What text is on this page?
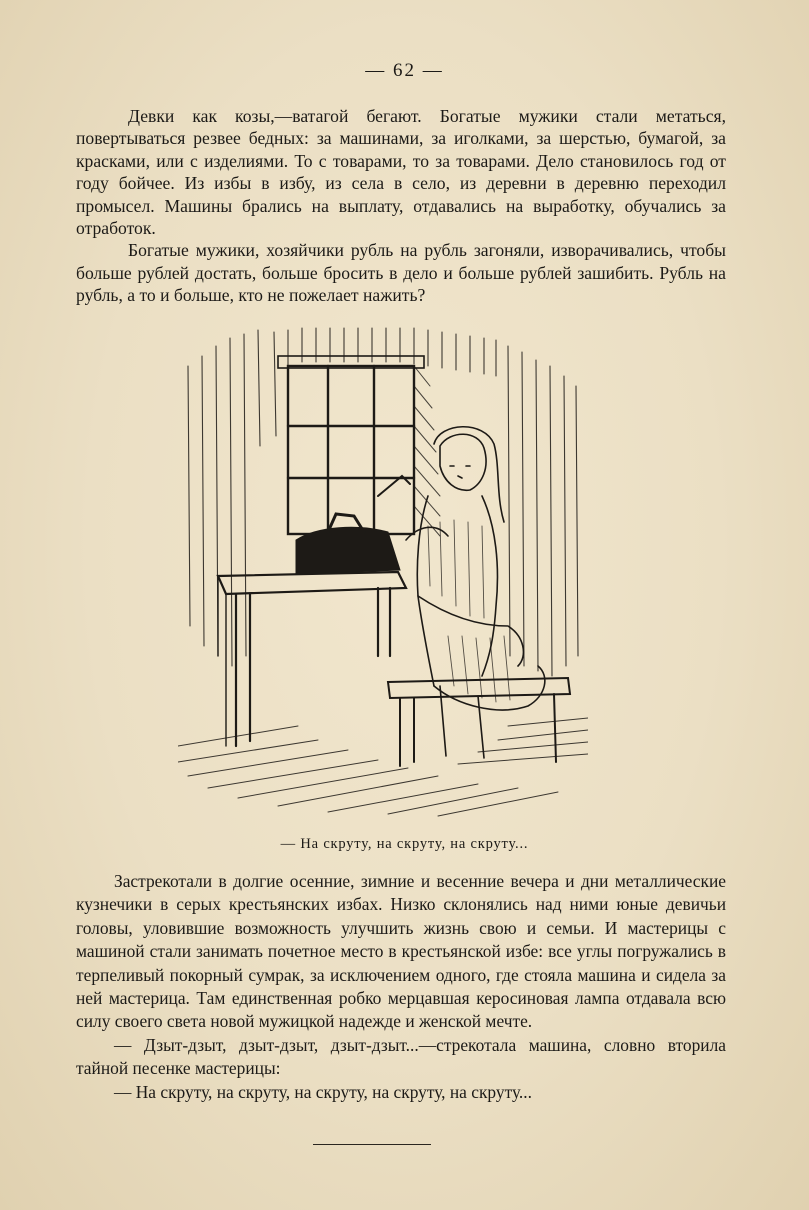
— 62 —

Девки как козы,—ватагой бегают. Богатые мужики стали метаться, повертываться резвее бедных: за машинами, за иголками, за шерстью, бумагой, за красками, или с изделиями. То с товарами, то за товарами. Дело становилось год от году бойчее. Из избы в избу, из села в село, из деревни в деревню переходил промысел. Машины брались на выплату, отдавались на выработку, обучались за отработок.

Богатые мужики, хозяйчики рубль на рубль загоняли, изворачивались, чтобы больше рублей достать, больше бросить в дело и больше рублей зашибить. Рубль на рубль, а то и больше, кто не пожелает нажить?

— На скруту, на скруту, на скруту...

Застрекотали в долгие осенние, зимние и весенние вечера и дни металлические кузнечики в серых крестьянских избах. Низко склонялись над ними юные девичьи головы, уловившие возможность улучшить жизнь свою и семьи. И мастерицы с машиной стали занимать почетное место в крестьянской избе: все углы погружались в терпеливый покорный сумрак, за исключением одного, где стояла машина и сидела за ней мастерица. Там единственная робко мерцавшая керосиновая лампа отдавала всю силу своего света новой мужицкой надежде и женской мечте.

— Дзыт-дзыт, дзыт-дзыт, дзыт-дзыт...—стрекотала машина, словно вторила тайной песенке мастерицы:

— На скруту, на скруту, на скруту, на скруту, на скруту...
